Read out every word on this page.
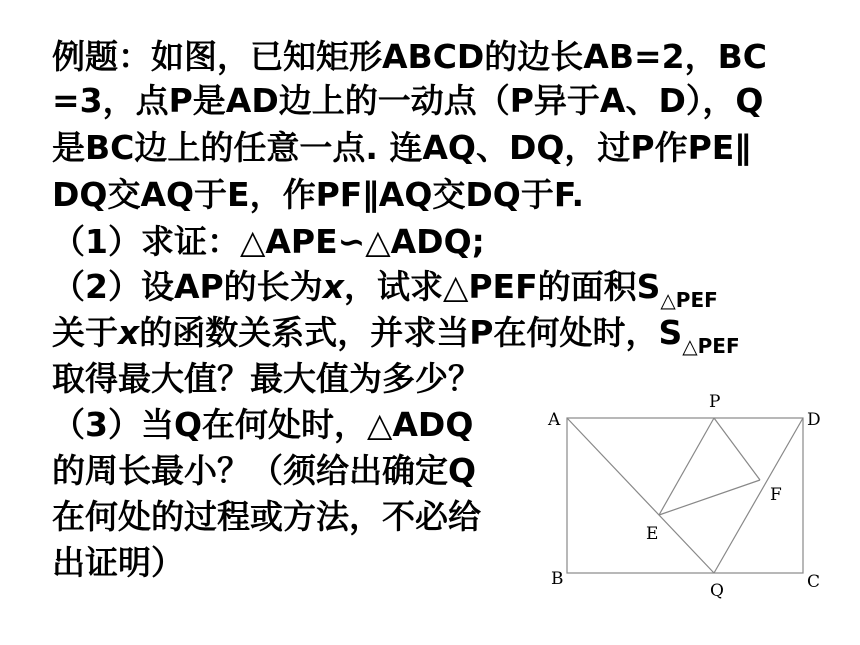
例题：如图，已知矩形ABCD的边长AB=2，BC

=3，点P是AD边上的一动点（P异于A、D），Q

是BC边上的任意一点. 连AQ、DQ，过P作PE∥

DQ交AQ于E，作PF∥AQ交DQ于F.

（1）求证：△APE∽△ADQ;

（2）设AP的长为x，试求△PEF的面积$S_{\triangle PEF}$

关于x的函数关系式，并求当P在何处时，$S_{\triangle PEF}$

取得最大值？最大值为多少？

（3）当Q在何处时，△ADQ

的周长最小？（须给出确定Q

在何处的过程或方法，不必给

出证明）

A	D
P
F
E
B	C
Q
